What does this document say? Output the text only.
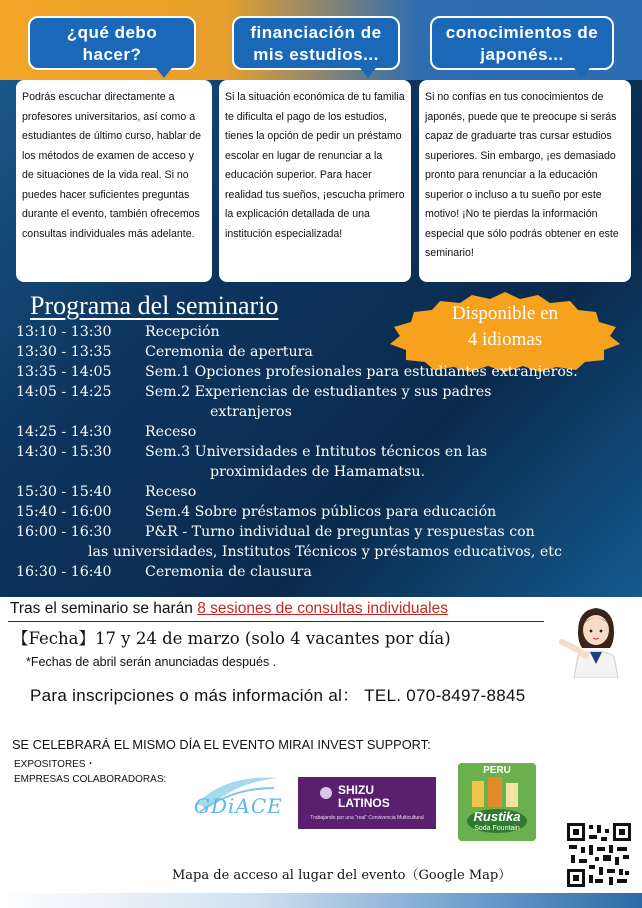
¿qué debo hacer?
financiación de mis estudios...
conocimientos de japonés...
Podrás escuchar directamente a profesores universitarios, así como a estudiantes de último curso, hablar de los métodos de examen de acceso y de situaciones de la vida real. Si no puedes hacer suficientes preguntas durante el evento, también ofrecemos consultas individuales más adelante.
Si la situación económica de tu familia te dificulta el pago de los estudios, tienes la opción de pedir un préstamo escolar en lugar de renunciar a la educación superior. Para hacer realidad tus sueños, ¡escucha primero la explicación detallada de una institución especializada!
Si no confías en tus conocimientos de japonés, puede que te preocupe si serás capaz de graduarte tras cursar estudios superiores. Sin embargo, ¡es demasiado pronto para renunciar a la educación superior o incluso a tu sueño por este motivo! ¡No te pierdas la información especial que sólo podrás obtener en este seminario!
Programa del seminario	Disponible en
4 idiomas
13:10 - 13:30 Recepción
13:30 - 13:35 Ceremonia de apertura
13:35 - 14:05 Sem.1 Opciones profesionales para estudiantes extranjeros.
14:05 - 14:25 Sem.2 Experiencias de estudiantes y sus padres
extranjeros
14:25 - 14:30 Receso
14:30 - 15:30 Sem.3 Universidades e Intitutos técnicos en las
proximidades de Hamamatsu.
15:30 - 15:40 Receso
15:40 - 16:00 Sem.4 Sobre préstamos públicos para educación
16:00 - 16:30 P&R - Turno individual de preguntas y respuestas con
las universidades, Institutos Técnicos y préstamos educativos, etc
16:30 - 16:40 Ceremonia de clausura
Tras el seminario se harán 8 sesiones de consultas individuales
【Fecha】17 y 24 de marzo (solo 4 vacantes por día)
*Fechas de abril serán anunciadas después .
Para inscripciones o más información al： TEL. 070-8497-8845
SE CELEBRARÁ EL MISMO DÍA EL EVENTO MIRAI INVEST SUPPORT:
EXPOSITORES・
EMPRESAS COLABORADORAS:
GDiACE
SHIZU
LATINOS
Trabajando por una "real" Convivencia Multicultural
PERU
Rustika
Soda Fountain
Mapa de acceso al lugar del evento（Google Map）
